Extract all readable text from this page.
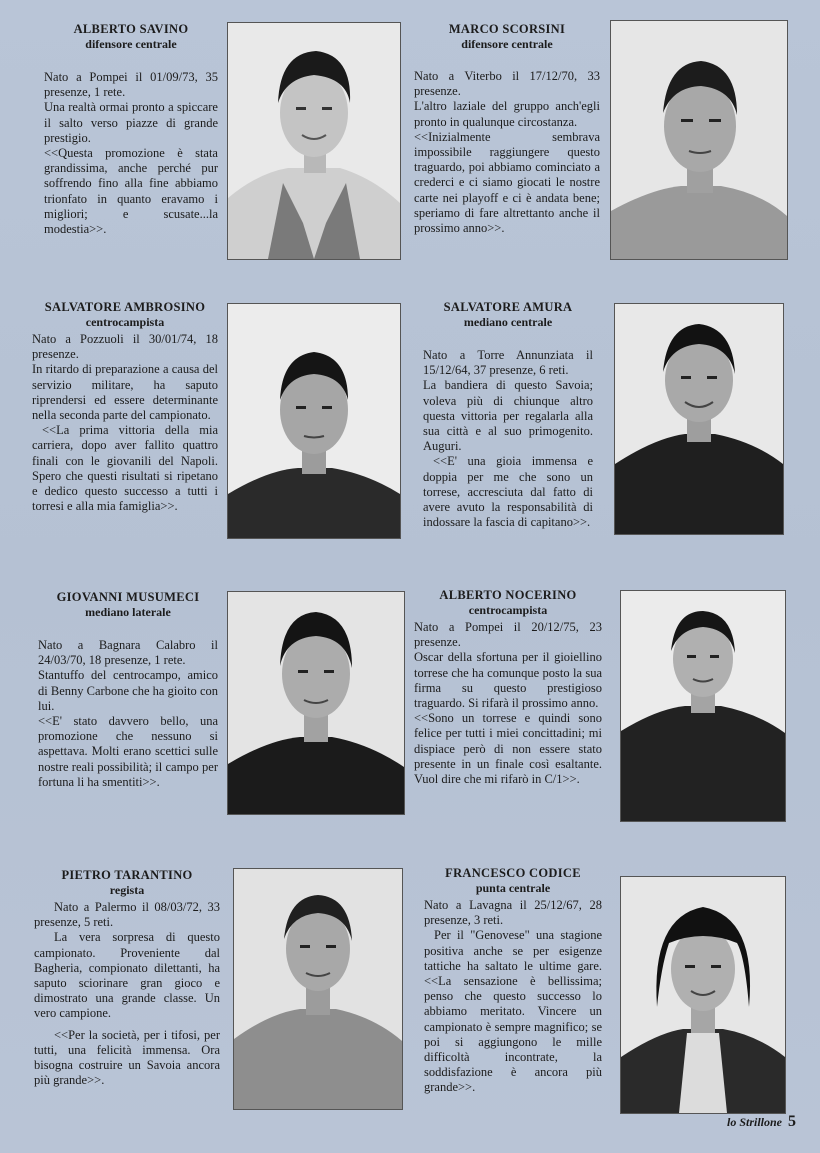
ALBERTO SAVINO
difensore centrale

Nato a Pompei il 01/09/73, 35 presenze, 1 rete.

Una realtà ormai pronto a spiccare il salto verso piazze di grande prestigio.

<<Questa promozione è stata grandissima, anche perché pur soffrendo fino alla fine abbiamo trionfato in quanto eravamo i migliori; e scusate...la modestia>>.

MARCO SCORSINI
difensore centrale

Nato a Viterbo il 17/12/70, 33 presenze.

L'altro laziale del gruppo anch'egli pronto in qualunque circostanza.

<<Inizialmente sembrava impossibile raggiungere questo traguardo, poi abbiamo cominciato a crederci e ci siamo giocati le nostre carte nei playoff e ci è andata bene; speriamo di fare altrettanto anche il prossimo anno>>.

SALVATORE AMBROSINO
centrocampista

Nato a Pozzuoli il 30/01/74, 18 presenze.

In ritardo di preparazione a causa del servizio militare, ha saputo riprendersi ed essere determinante nella seconda parte del campionato.

<<La prima vittoria della mia carriera, dopo aver fallito quattro finali con le giovanili del Napoli. Spero che questi risultati si ripetano e dedico questo successo a tutti i torresi e alla mia famiglia>>.

SALVATORE AMURA
mediano centrale

Nato a Torre Annunziata il 15/12/64, 37 presenze, 6 reti.

La bandiera di questo Savoia; voleva più di chiunque altro questa vittoria per regalarla alla sua città e al suo primogenito. Auguri.

<<E' una gioia immensa e doppia per me che sono un torrese, accresciuta dal fatto di avere avuto la responsabilità di indossare la fascia di capitano>>.

GIOVANNI MUSUMECI
mediano laterale

Nato a Bagnara Calabro il 24/03/70, 18 presenze, 1 rete.

Stantuffo del centrocampo, amico di Benny Carbone che ha gioito con lui.

<<E' stato davvero bello, una promozione che nessuno si aspettava. Molti erano scettici sulle nostre reali possibilità; il campo per fortuna li ha smentiti>>.

ALBERTO NOCERINO
centrocampista

Nato a Pompei il 20/12/75, 23 presenze.

Oscar della sfortuna per il gioiellino torrese che ha comunque posto la sua firma su questo prestigioso traguardo. Si rifarà il prossimo anno.

<<Sono un torrese e quindi sono felice per tutti i miei concittadini; mi dispiace però di non essere stato presente in un finale così esaltante. Vuol dire che mi rifarò in C/1>>.

PIETRO TARANTINO
regista

Nato a Palermo il 08/03/72, 33 presenze, 5 reti.

La vera sorpresa di questo campionato. Proveniente dal Bagheria, compionato dilettanti, ha saputo sciorinare gran gioco e dimostrato una grande classe. Un vero campione.

<<Per la società, per i tifosi, per tutti, una felicità immensa. Ora bisogna costruire un Savoia ancora più grande>>.

FRANCESCO CODICE
punta centrale

Nato a Lavagna il 25/12/67, 28 presenze, 3 reti.

Per il "Genovese" una stagione positiva anche se per esigenze tattiche ha saltato le ultime gare. <<La sensazione è bellissima; penso che questo successo lo abbiamo meritato. Vincere un campionato è sempre magnifico; se poi si aggiungono le mille difficoltà incontrate, la soddisfazione è ancora più grande>>.

lo Strillone 5
